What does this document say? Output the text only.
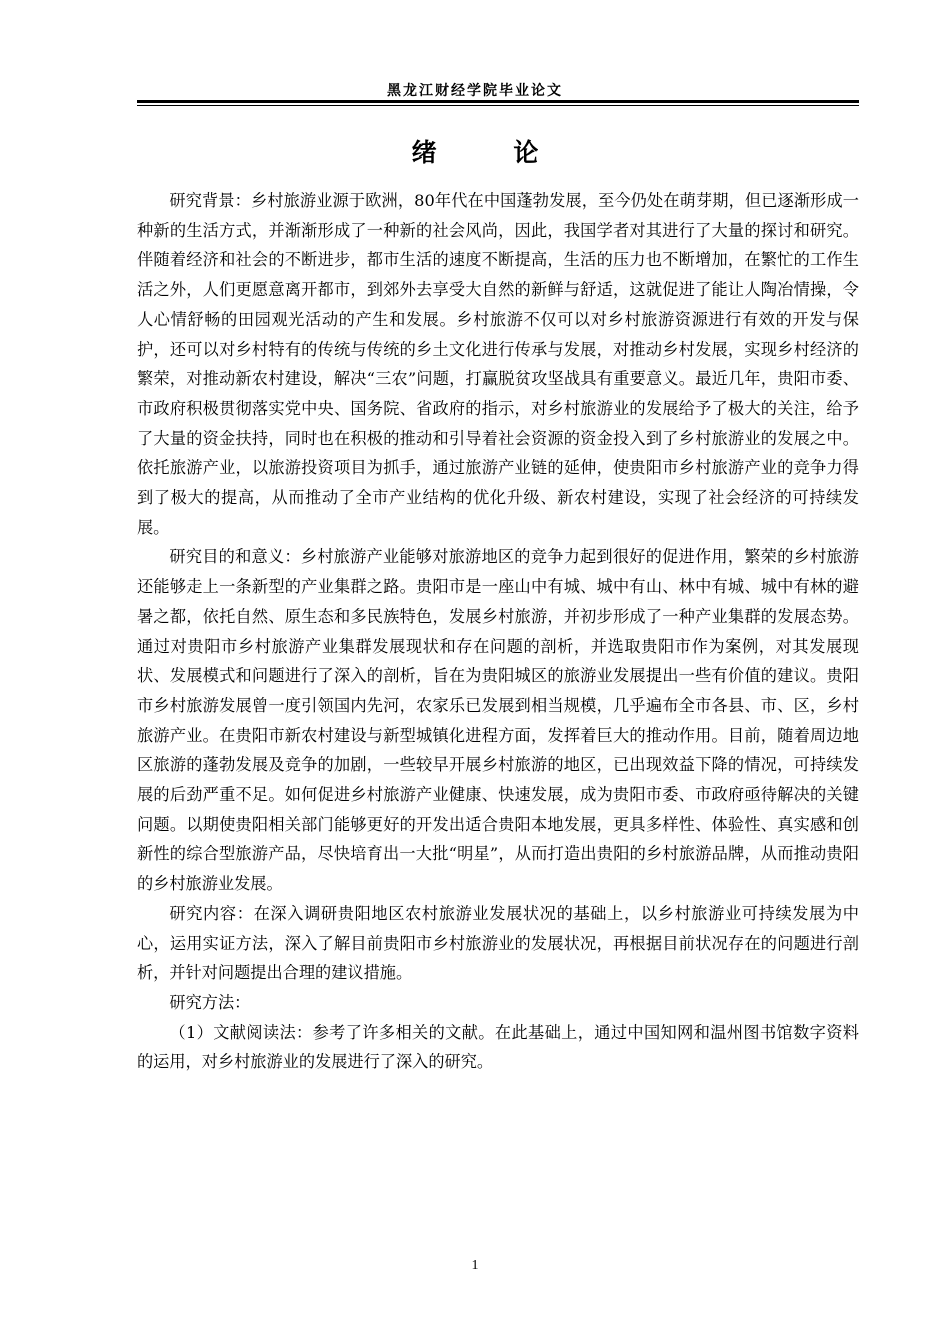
黑龙江财经学院毕业论文
绪 论

研究背景：乡村旅游业源于欧洲，80年代在中国蓬勃发展，至今仍处在萌芽期，但已逐渐形成一种新的生活方式，并渐渐形成了一种新的社会风尚，因此，我国学者对其进行了大量的探讨和研究。伴随着经济和社会的不断进步，都市生活的速度不断提高，生活的压力也不断增加，在繁忙的工作生活之外，人们更愿意离开都市，到郊外去享受大自然的新鲜与舒适，这就促进了能让人陶冶情操，令人心情舒畅的田园观光活动的产生和发展。乡村旅游不仅可以对乡村旅游资源进行有效的开发与保护，还可以对乡村特有的传统与传统的乡土文化进行传承与发展，对推动乡村发展，实现乡村经济的繁荣，对推动新农村建设，解决“三农”问题，打赢脱贫攻坚战具有重要意义。最近几年，贵阳市委、市政府积极贯彻落实党中央、国务院、省政府的指示，对乡村旅游业的发展给予了极大的关注，给予了大量的资金扶持，同时也在积极的推动和引导着社会资源的资金投入到了乡村旅游业的发展之中。依托旅游产业，以旅游投资项目为抓手，通过旅游产业链的延伸，使贵阳市乡村旅游产业的竞争力得到了极大的提高，从而推动了全市产业结构的优化升级、新农村建设，实现了社会经济的可持续发展。

研究目的和意义：乡村旅游产业能够对旅游地区的竞争力起到很好的促进作用，繁荣的乡村旅游还能够走上一条新型的产业集群之路。贵阳市是一座山中有城、城中有山、林中有城、城中有林的避暑之都，依托自然、原生态和多民族特色，发展乡村旅游，并初步形成了一种产业集群的发展态势。通过对贵阳市乡村旅游产业集群发展现状和存在问题的剖析，并选取贵阳市作为案例，对其发展现状、发展模式和问题进行了深入的剖析，旨在为贵阳城区的旅游业发展提出一些有价值的建议。贵阳市乡村旅游发展曾一度引领国内先河，农家乐已发展到相当规模，几乎遍布全市各县、市、区，乡村旅游产业。在贵阳市新农村建设与新型城镇化进程方面，发挥着巨大的推动作用。目前，随着周边地区旅游的蓬勃发展及竞争的加剧，一些较早开展乡村旅游的地区，已出现效益下降的情况，可持续发展的后劲严重不足。如何促进乡村旅游产业健康、快速发展，成为贵阳市委、市政府亟待解决的关键问题。以期使贵阳相关部门能够更好的开发出适合贵阳本地发展，更具多样性、体验性、真实感和创新性的综合型旅游产品，尽快培育出一大批“明星”，从而打造出贵阳的乡村旅游品牌，从而推动贵阳的乡村旅游业发展。

研究内容：在深入调研贵阳地区农村旅游业发展状况的基础上，以乡村旅游业可持续发展为中心，运用实证方法，深入了解目前贵阳市乡村旅游业的发展状况，再根据目前状况存在的问题进行剖析，并针对问题提出合理的建议措施。

研究方法：

（1）文献阅读法：参考了许多相关的文献。在此基础上，通过中国知网和温州图书馆数字资料的运用，对乡村旅游业的发展进行了深入的研究。

1
